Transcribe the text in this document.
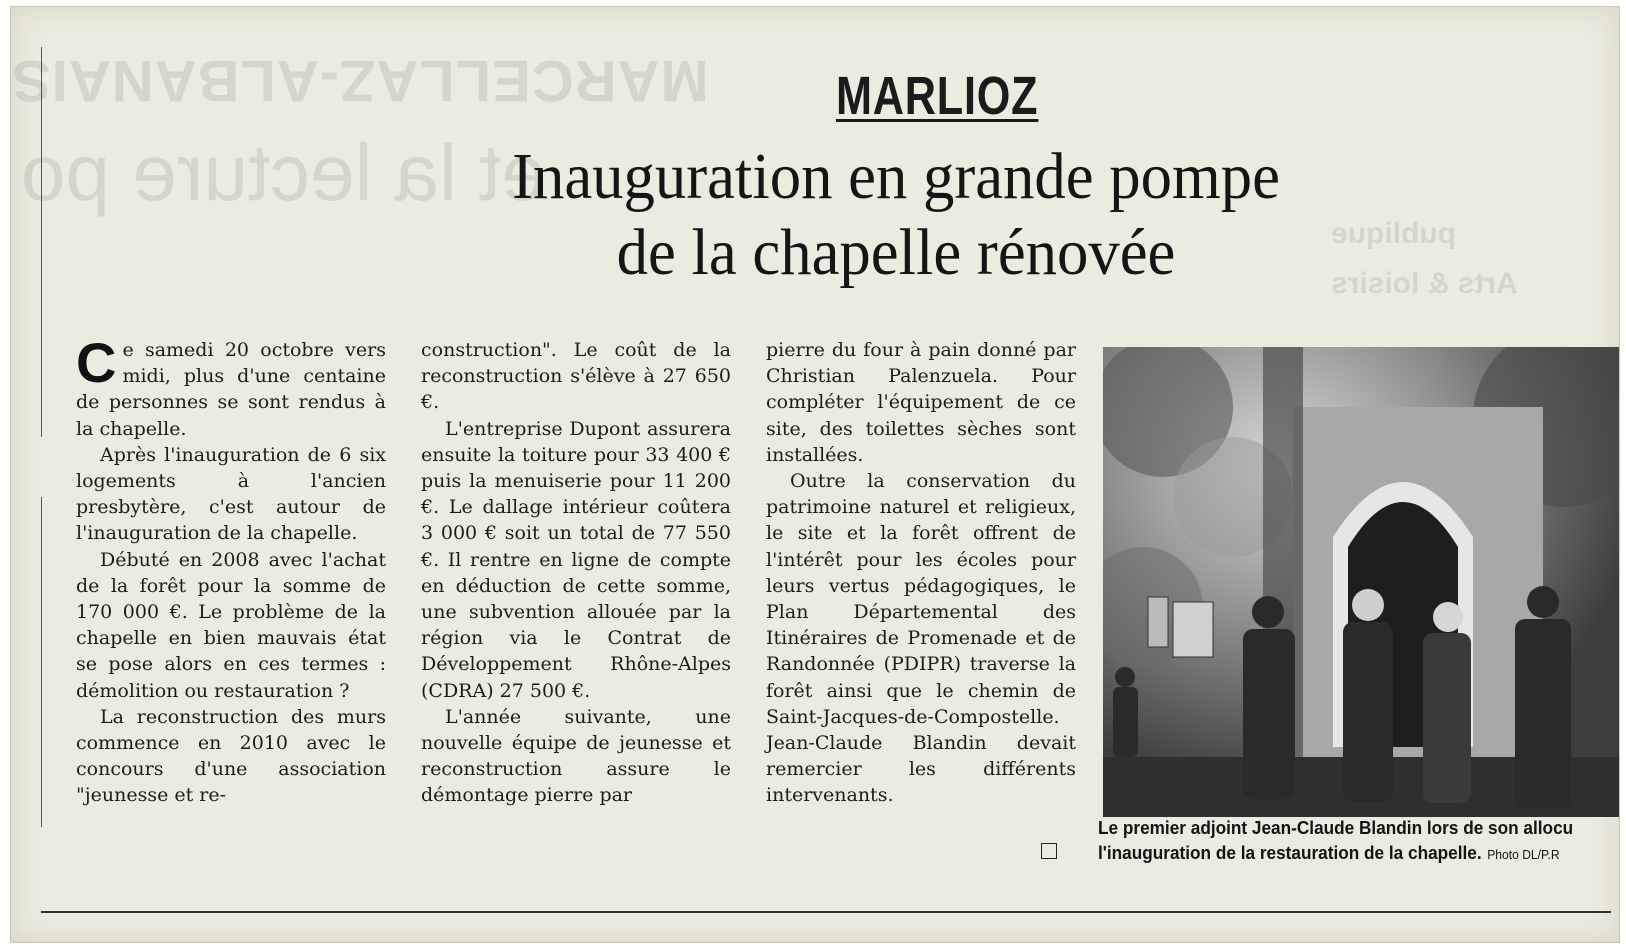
MARCELLAZ-ALBANAIS
et la lecture po
publique
Arts & loisirs
MARLIOZ
Inauguration en grande pompe
de la chapelle rénovée

Ce samedi 20 octobre vers midi, plus d'une centaine de personnes se sont rendus à la chapelle.

Après l'inauguration de 6 six logements à l'ancien presbytère, c'est autour de l'inauguration de la chapelle.

Débuté en 2008 avec l'achat de la forêt pour la somme de 170 000 €. Le problème de la chapelle en bien mauvais état se pose alors en ces termes : démolition ou restauration ?

La reconstruction des murs commence en 2010 avec le concours d'une association "jeunesse et re-

construction". Le coût de la reconstruction s'élève à 27 650 €.

L'entreprise Dupont assurera ensuite la toiture pour 33 400 € puis la menuiserie pour 11 200 €. Le dallage intérieur coûtera 3 000 € soit un total de 77 550 €. Il rentre en ligne de compte en déduction de cette somme, une subvention allouée par la région via le Contrat de Développement Rhône-Alpes (CDRA) 27 500 €.

L'année suivante, une nouvelle équipe de jeunesse et reconstruction assure le démontage pierre par

pierre du four à pain donné par Christian Palenzuela. Pour compléter l'équipement de ce site, des toilettes sèches sont installées.

Outre la conservation du patrimoine naturel et religieux, le site et la forêt offrent de l'intérêt pour les écoles pour leurs vertus pédagogiques, le Plan Départemental des Itinéraires de Promenade et de Randonnée (PDIPR) traverse la forêt ainsi que le chemin de Saint-Jacques-de-Compostelle. Jean-Claude Blandin devait remercier les différents intervenants.

Le premier adjoint Jean-Claude Blandin lors de son allocu
l'inauguration de la restauration de la chapelle. Photo DL/P.R
